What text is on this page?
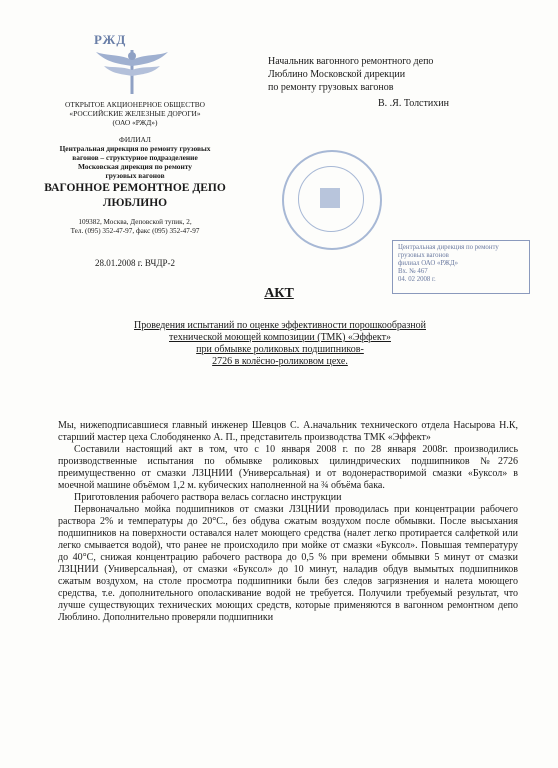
РЖД
ОТКРЫТОЕ АКЦИОНЕРНОЕ ОБЩЕСТВО
«РОССИЙСКИЕ ЖЕЛЕЗНЫЕ ДОРОГИ»
(ОАО «РЖД»)
ФИЛИАЛ
Центральная дирекция по ремонту грузовых
вагонов – структурное подразделение
Московская дирекция по ремонту
грузовых вагонов
ВАГОННОЕ РЕМОНТНОЕ ДЕПО
ЛЮБЛИНО
109382, Москва, Деповской тупик, 2,
Тел. (095) 352-47-97, факс (095) 352-47-97
28.01.2008 г. ВЧДР-2
Начальник вагонного ремонтного депо
Люблино Московской дирекции
по ремонту грузовых вагонов
В. .Я. Толстихин
Центральная дирекция по ремонту
грузовых вагонов
филиал ОАО «РЖД»
Вх. № 467
04. 02 2008 г.
АКТ
Проведения испытаний по оценке эффективности порошкообразной
технической моющей композиции (ТМК) «Эффект»
при обмывке роликовых подшипников-
2726 в колёсно-роликовом цехе.

Мы, нижеподписавшиеся главный инженер Шевцов С. А.начальник технического отдела Насырова Н.К, старший мастер цеха Слободяненко А. П., представитель производства ТМК «Эффект»

Составили настоящий акт в том, что с 10 января 2008 г. по 28 января 2008г. производились производственные испытания по обмывке роликовых цилиндрических подшипников №2726 преимущественно от смазки ЛЗЦНИИ (Универсальная) и от водонерастворимой смазки «Буксол» в моечной машине объёмом 1,2 м. кубических наполненной на ¾ объёма бака.

Приготовления рабочего раствора велась согласно инструкции

Первоначально мойка подшипников от смазки ЛЗЦНИИ проводилась при концентрации рабочего раствора 2% и температуры до 20°С., без обдува сжатым воздухом после обмывки. После высыхания подшипников на поверхности оставался налет моющего средства (налет легко протирается салфеткой или легко смывается водой), что ранее не происходило при мойке от смазки «Буксол». Повышая температуру до 40°С, снижая концентрацию рабочего раствора до 0,5 % при времени обмывки 5 минут от смазки ЛЗЦНИИ (Универсальная), от смазки «Буксол» до 10 минут, наладив обдув вымытых подшипников сжатым воздухом, на столе просмотра подшипники были без следов загрязнения и налета моющего средства, т.е. дополнительного ополаскивание водой не требуется. Получили требуемый результат, что лучше существующих технических моющих средств, которые применяются в вагонном ремонтном депо Люблино. Дополнительно проверяли подшипники
